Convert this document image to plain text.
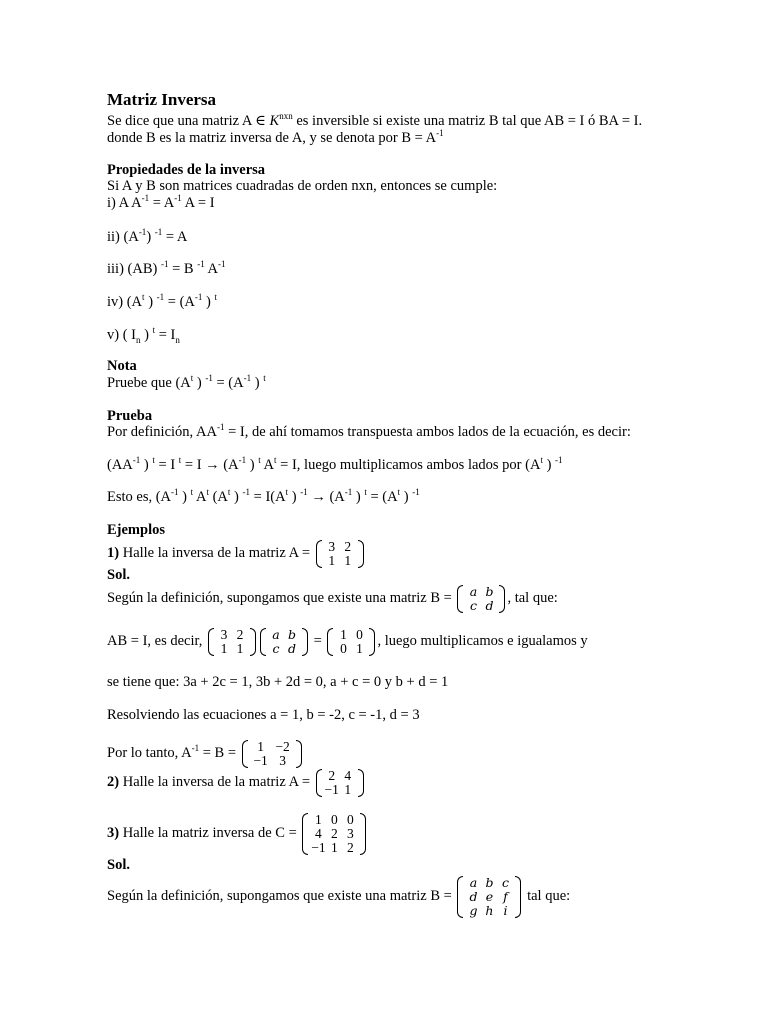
Matriz Inversa
Se dice que una matriz A ∈ $K^{nxn}$ es inversible si existe una matriz B tal que AB = I ó BA = I.
donde B es la matriz inversa de A, y se denota por $B = A^{-1}$
Propiedades de la inversa
Si A y B son matrices cuadradas de orden nxn, entonces se cumple:
i) A $A^{-1} = A^{-1}$ A = I
ii) $(A^{-1}) ^{-1} = A$
iii) (AB) $^{-1}$ = B $^{-1}$ $A^{-1}$
iv) ($A^t$ ) $^{-1} = (A^{-1}$ ) $^t$
v) ( $I_n$ ) $^t = I_n$
Nota
Pruebe que ($A^t$ ) $^{-1} = (A^{-1}$ ) $^t$
Prueba
Por definición, $AA^{-1} = I$, de ahí tomamos transpuesta ambos lados de la ecuación, es decir:
($AA^{-1}$ ) $^t$ = I $^t = I \to (A^{-1}$ ) $^t$ $A^t = I$, luego multiplicamos ambos lados por ($A^t$ ) $^{-1}$
Esto es, ($A^{-1}$ ) $^t$ $A^t$ ($A^t$ ) $^{-1} = I(A^t$ ) $^{-1} \to (A^{-1}$ ) $^t = (A^t$ ) $^{-1}$
Ejemplos
1) Halle la inversa de la matriz A =	3 2
1 1
Sol.
Según la definición, supongamos que existe una matriz B =	a b
c d , tal que:
AB = I, es decir,	3 2
1 1
a b
c d =	1 0
0 1	, luego multiplicamos e igualamos y
se tiene que: 3a + 2c = 1, 3b + 2d = 0, a + c = 0 y b + d = 1
Resolviendo las ecuaciones a = 1, b = -2, c = -1, d = 3
Por lo tanto, $A^{-1} = B$ =	1 −2
−1 3
2) Halle la inversa de la matriz A =	2 4
−1 1
3) Halle la matriz inversa de C =
1 0 0
4 2 3
−1 1 2
Sol.
Según la definición, supongamos que existe una matriz B =
a b c
d e f
g h i
tal que:
